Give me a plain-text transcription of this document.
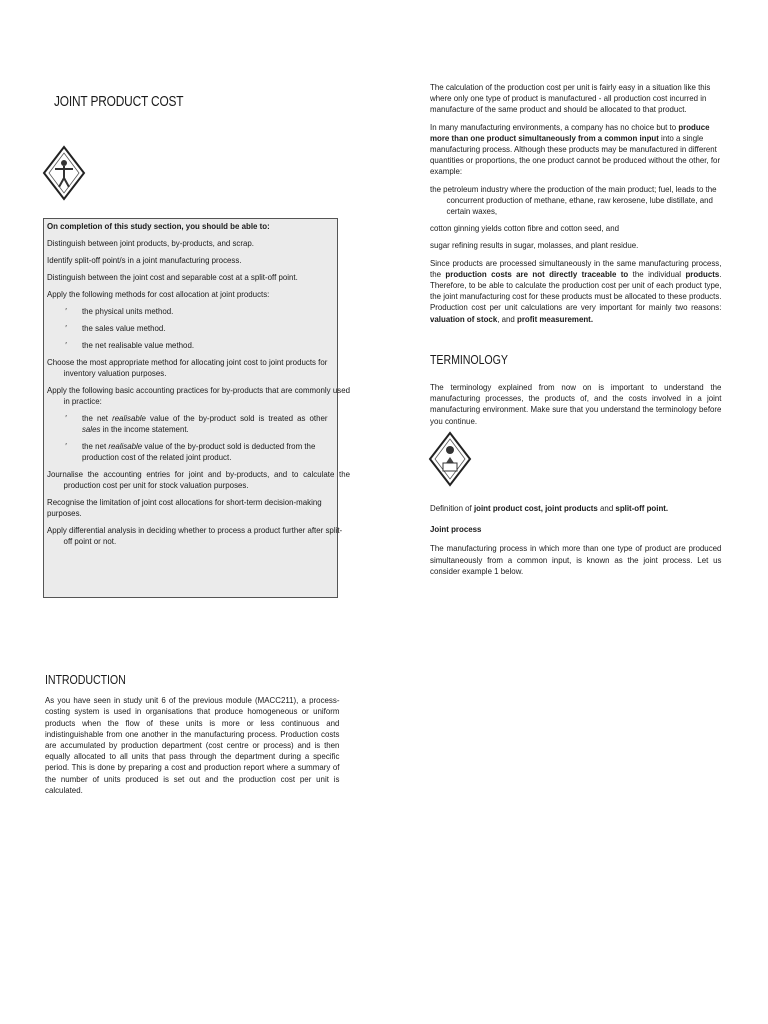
JOINT PRODUCT COST

On completion of this study section, you should be able to:

Distinguish between joint products, by-products, and scrap.

Identify split-off point/s in a joint manufacturing process.

Distinguish between the joint cost and separable cost at a split-off point.

Apply the following methods for cost allocation at joint products:

′ the physical units method.
′ the sales value method.
′ the net realisable value method.

Choose the most appropriate method for allocating joint cost to joint products for inventory valuation purposes.

Apply the following basic accounting practices for by-products that are commonly used in practice:

′ the net realisable value of the by-product sold is treated as other sales in the income statement.
′ the net realisable value of the by-product sold is deducted from the production cost of the related joint product.

Journalise the accounting entries for joint and by-products, and to calculate the production cost per unit for stock valuation purposes.

Recognise the limitation of joint cost allocations for short-term decision-making purposes.

Apply differential analysis in deciding whether to process a product further after split-off point or not.

INTRODUCTION

As you have seen in study unit 6 of the previous module (MACC211), a process-costing system is used in organisations that produce homogeneous or uniform products when the flow of these units is more or less continuous and indistinguishable from one another in the manufacturing process. Production costs are accumulated by production department (cost centre or process) and is then equally allocated to all units that pass through the department during a specific period. This is done by preparing a cost and production report where a summary of the number of units produced is set out and the production cost per unit is calculated.

The calculation of the production cost per unit is fairly easy in a situation like this where only one type of product is manufactured - all production cost incurred in manufacture of the same product and should be allocated to that product.

In many manufacturing environments, a company has no choice but to produce more than one product simultaneously from a common input into a single manufacturing process. Although these products may be manufactured in different quantities or proportions, the one product cannot be produced without the other, for example:

the petroleum industry where the production of the main product; fuel, leads to the concurrent production of methane, ethane, raw kerosene, lube distillate, and certain waxes,

cotton ginning yields cotton fibre and cotton seed, and

sugar refining results in sugar, molasses, and plant residue.

Since products are processed simultaneously in the same manufacturing process, the production costs are not directly traceable to the individual products. Therefore, to be able to calculate the production cost per unit of each product type, the joint manufacturing cost for these products must be allocated to these products. Production cost per unit calculations are very important for mainly two reasons: valuation of stock, and profit measurement.

TERMINOLOGY

The terminology explained from now on is important to understand the manufacturing processes, the products of, and the costs involved in a joint manufacturing environment. Make sure that you understand the terminology before you continue.

Definition of joint product cost, joint products and split-off point.

Joint process

The manufacturing process in which more than one type of product are produced simultaneously from a common input, is known as the joint process. Let us consider example 1 below.
